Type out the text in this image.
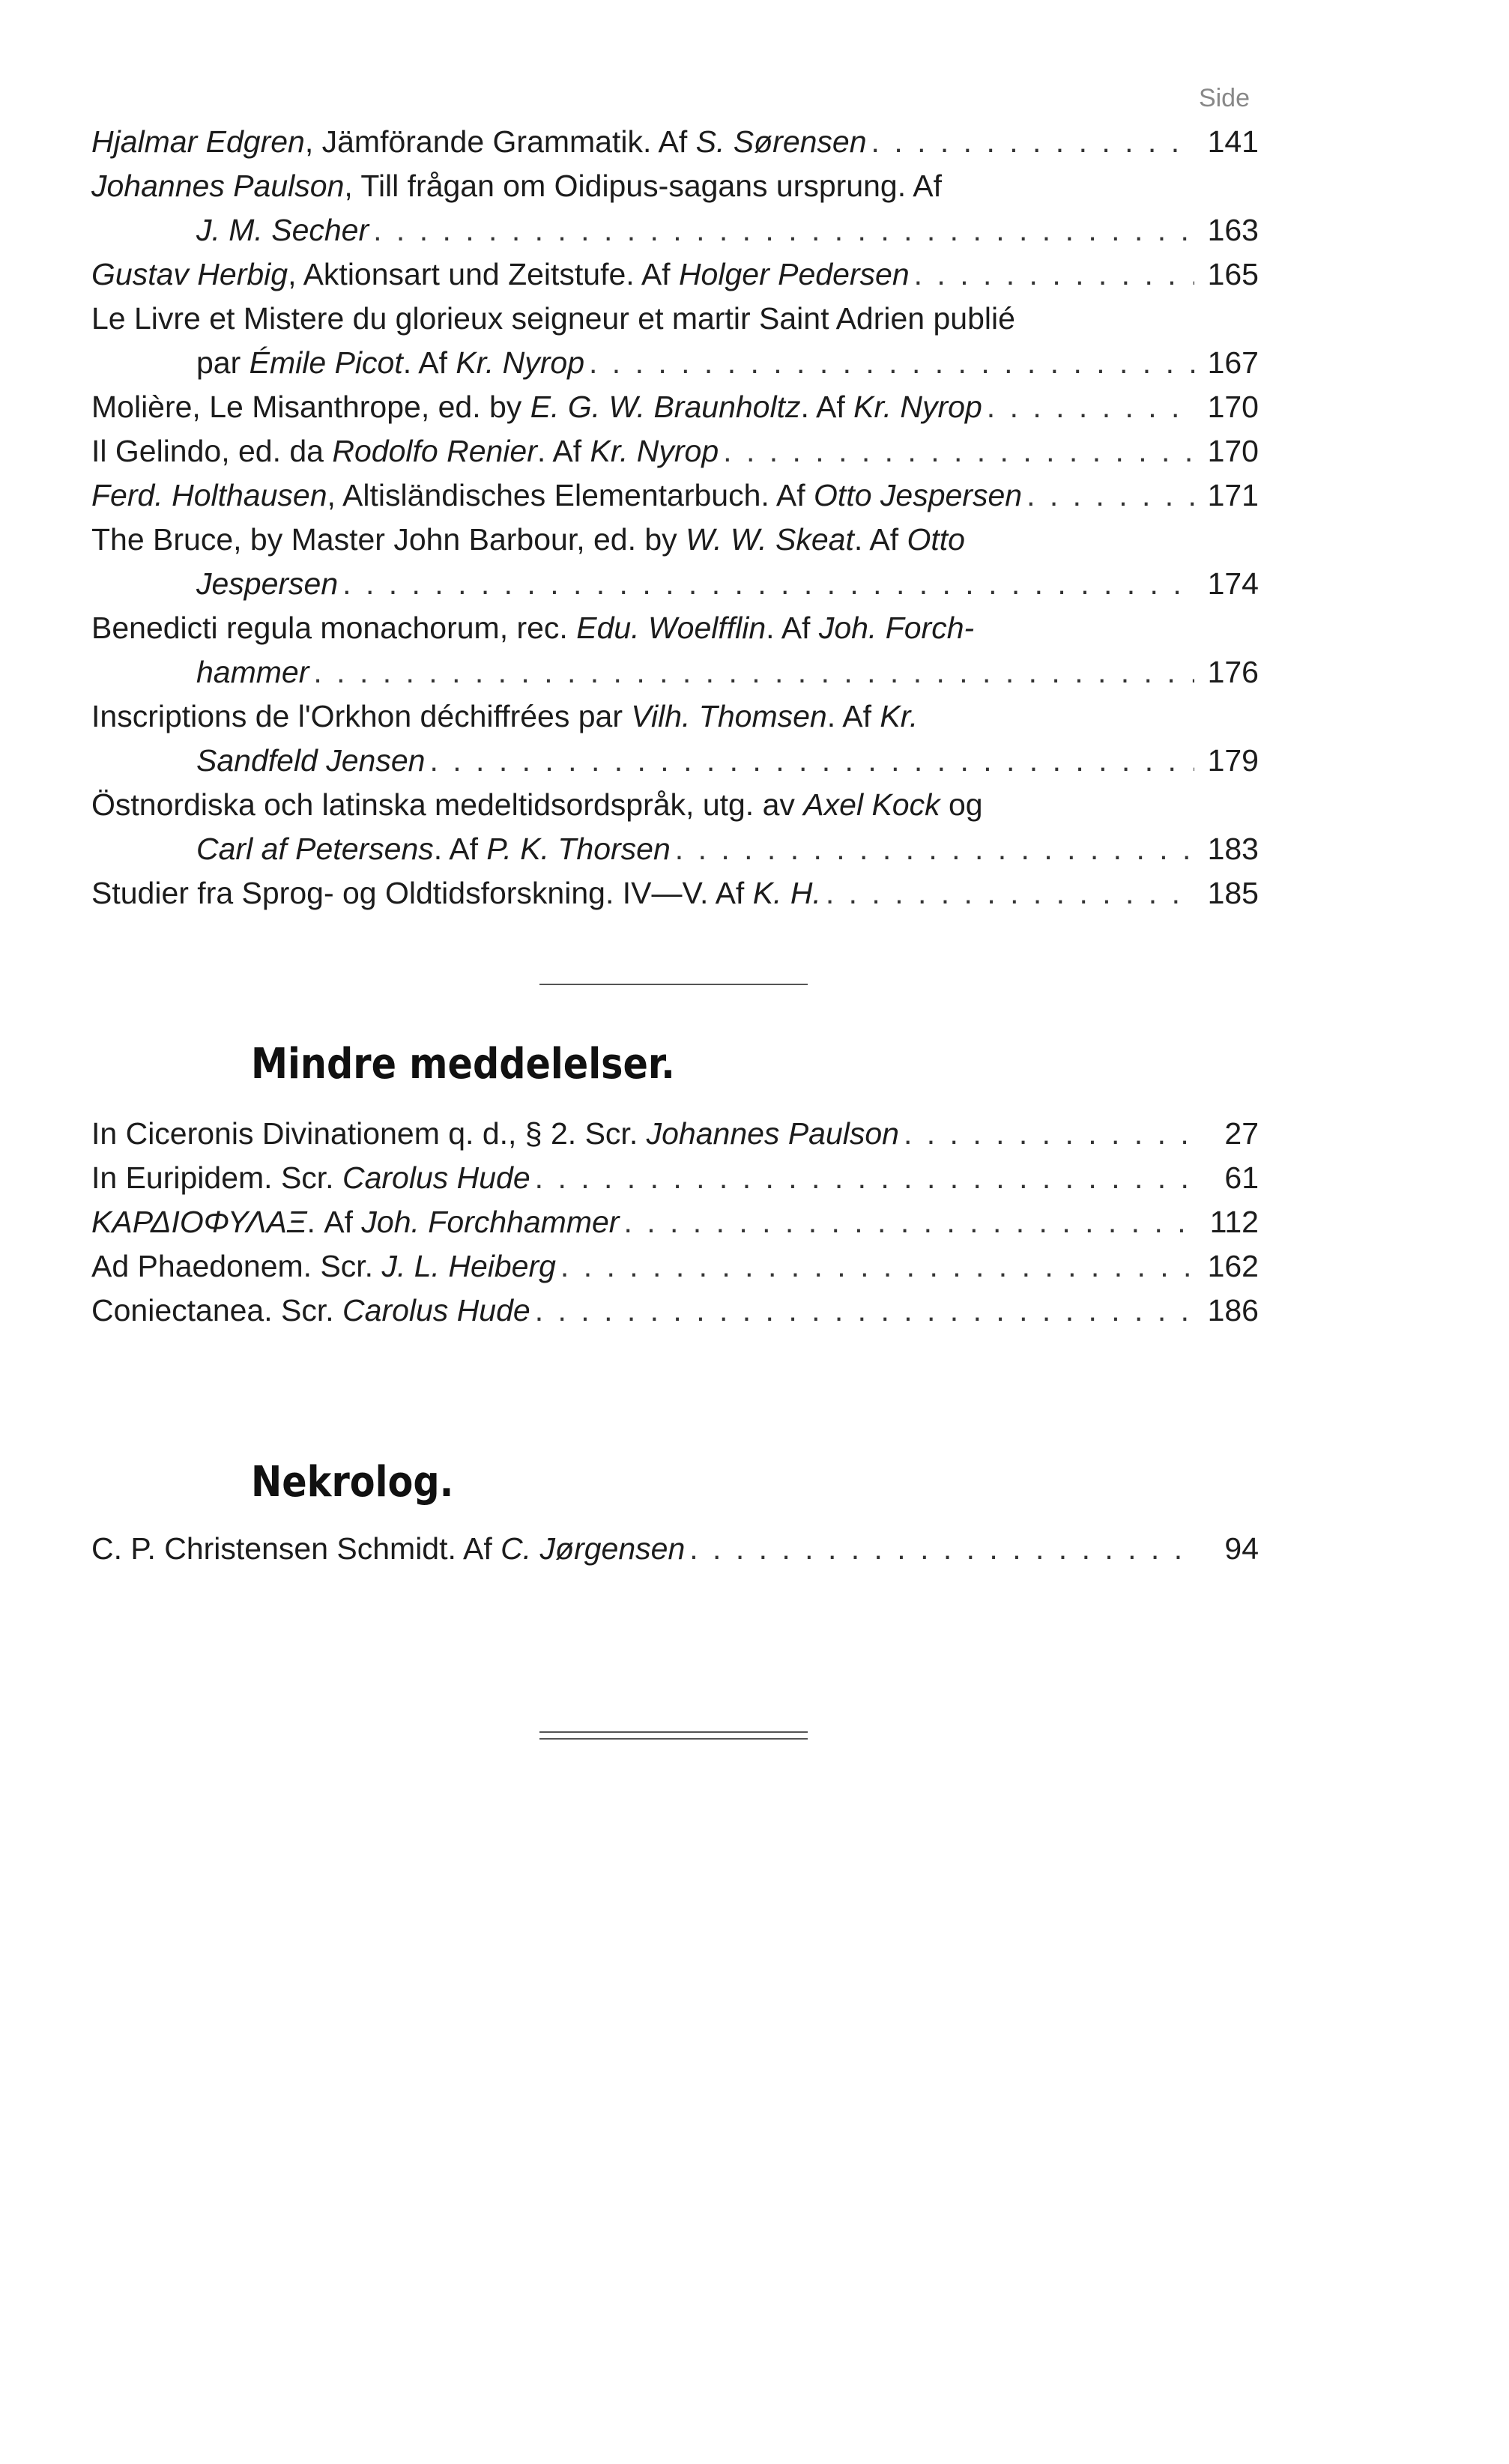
Side
Hjalmar Edgren, Jämförande Grammatik. Af S. Sørensen . . .	141
Johannes Paulson, Till frågan om Oidipus-sagans ursprung. Af
J. M. Secher . . .	163
Gustav Herbig, Aktionsart und Zeitstufe. Af Holger Pedersen . . .	165
Le Livre et Mistere du glorieux seigneur et martir Saint Adrien publié
par Émile Picot. Af Kr. Nyrop . . .	167
Molière, Le Misanthrope, ed. by E. G. W. Braunholtz. Af Kr. Nyrop . . .	170
Il Gelindo, ed. da Rodolfo Renier. Af Kr. Nyrop . . .	170
Ferd. Holthausen, Altisländisches Elementarbuch. Af Otto Jespersen . . .	171
The Bruce, by Master John Barbour, ed. by W. W. Skeat. Af Otto
Jespersen . . .	174
Benedicti regula monachorum, rec. Edu. Woelfflin. Af Joh. Forch-
hammer . . .	176
Inscriptions de l'Orkhon déchiffrées par Vilh. Thomsen. Af Kr.
Sandfeld Jensen . . .	179
Östnordiska och latinska medeltidsordspråk, utg. av Axel Kock og
Carl af Petersens. Af P. K. Thorsen . . .	183
Studier fra Sprog- og Oldtidsforskning. IV—V. Af K. H. . . .	185
Mindre meddelelser.
In Ciceronis Divinationem q. d., § 2. Scr. Johannes Paulson . . .	27
In Euripidem. Scr. Carolus Hude . . .	61
ΚΑΡΔΙΟΦΥΛΑΞ. Af Joh. Forchhammer . . .	112
Ad Phaedonem. Scr. J. L. Heiberg . . .	162
Coniectanea. Scr. Carolus Hude . . .	186
Nekrolog.
C. P. Christensen Schmidt. Af C. Jørgensen . . .	94
